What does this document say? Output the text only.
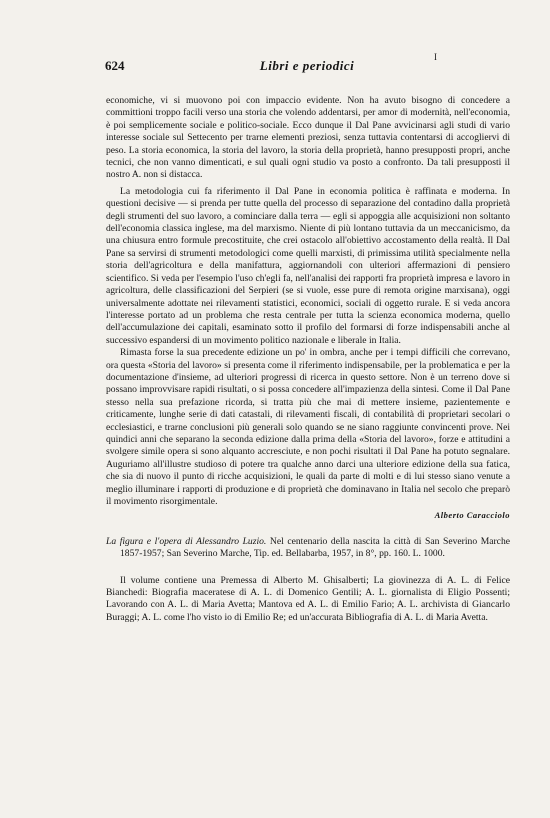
624	Libri e periodici
I

economiche, vi si muovono poi con impaccio evidente. Non ha avuto bisogno di concedere a committioni troppo facili verso una storia che volendo addentarsi, per amor di modernità, nell'economia, è poi semplicemente sociale e politico-sociale. Ecco dunque il Dal Pane avvicinarsi agli studi di vario interesse sociale sul Settecento per trarne elementi preziosi, senza tuttavia contentarsi di accogliervi di peso. La storia economica, la storia del lavoro, la storia della proprietà, hanno presupposti propri, anche tecnici, che non vanno dimenticati, e sul quali ogni studio va posto a confronto. Da tali presupposti il nostro A. non si distacca.

La metodologia cui fa riferimento il Dal Pane in economia politica è raffinata e moderna. In questioni decisive — si prenda per tutte quella del processo di separazione del contadino dalla proprietà degli strumenti del suo lavoro, a cominciare dalla terra — egli si appoggia alle acquisizioni non soltanto dell'economia classica inglese, ma del marxismo. Niente di più lontano tuttavia da un meccanicismo, da una chiusura entro formule precostituite, che crei ostacolo all'obiettivo accostamento della realtà. Il Dal Pane sa servirsi di strumenti metodologici come quelli marxisti, di primissima utilità specialmente nella storia dell'agricoltura e della manifattura, aggiornandoli con ulteriori affermazioni di pensiero scientifico. Si veda per l'esempio l'uso ch'egli fa, nell'analisi dei rapporti fra proprietà impresa e lavoro in agricoltura, delle classificazioni del Serpieri (se si vuole, esse pure di remota origine marxisana), oggi universalmente adottate nei rilevamenti statistici, economici, sociali di oggetto rurale. E si veda ancora l'interesse portato ad un problema che resta centrale per tutta la scienza economica moderna, quello dell'accumulazione dei capitali, esaminato sotto il profilo del formarsi di forze indispensabili anche al successivo espandersi di un movimento politico nazionale e liberale in Italia.

Rimasta forse la sua precedente edizione un po' in ombra, anche per i tempi difficili che correvano, ora questa «Storia del lavoro» si presenta come il riferimento indispensabile, per la problematica e per la documentazione d'insieme, ad ulteriori progressi di ricerca in questo settore. Non è un terreno dove si possano improvvisare rapidi risultati, o si possa concedere all'impazienza della sintesi. Come il Dal Pane stesso nella sua prefazione ricorda, si tratta più che mai di mettere insieme, pazientemente e criticamente, lunghe serie di dati catastali, di rilevamenti fiscali, di contabilità di proprietari secolari o ecclesiastici, e trarne conclusioni più generali solo quando se ne siano raggiunte convincenti prove. Nei quindici anni che separano la seconda edizione dalla prima della «Storia del lavoro», forze e attitudini a svolgere simile opera si sono alquanto accresciute, e non pochi risultati il Dal Pane ha potuto segnalare. Auguriamo all'illustre studioso di potere tra qualche anno darci una ulteriore edizione della sua fatica, che sia di nuovo il punto di ricche acquisizioni, le quali da parte di molti e di lui stesso siano venute a meglio illuminare i rapporti di produzione e di proprietà che dominavano in Italia nel secolo che preparò il movimento risorgimentale.

Alberto Caracciolo

La figura e l'opera di Alessandro Luzio. Nel centenario della nascita la città di San Severino Marche 1857-1957; San Severino Marche, Tip. ed. Bellabarba, 1957, in 8°, pp. 160. L. 1000.

Il volume contiene una Premessa di Alberto M. Ghisalberti; La giovinezza di A. L. di Felice Bianchedi: Biografia maceratese di A. L. di Domenico Gentili; A. L. giornalista di Eligio Possenti; Lavorando con A. L. di Maria Avetta; Mantova ed A. L. di Emilio Fario; A. L. archivista di Giancarlo Buraggi; A. L. come l'ho visto io di Emilio Re; ed un'accurata Bibliografia di A. L. di Maria Avetta.
